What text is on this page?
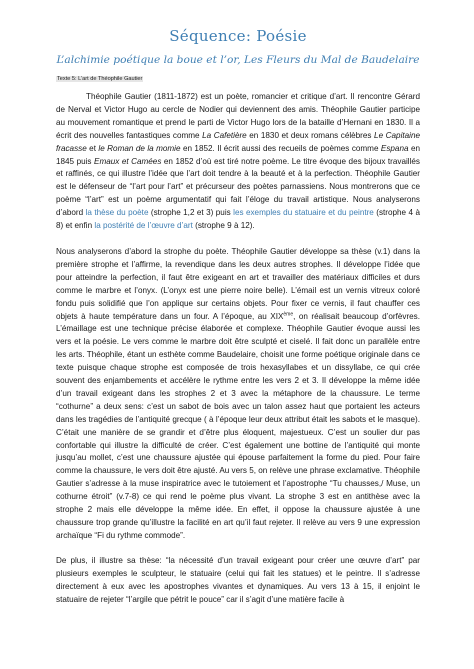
Séquence: Poésie
L’alchimie poétique la boue et l’or, Les Fleurs du Mal de Baudelaire
Texte 5: L’art de Théophile Gautier

Théophile Gautier (1811-1872) est un poète, romancier et critique d’art. Il rencontre Gérard de Nerval et Victor Hugo au cercle de Nodier qui deviennent des amis. Théophile Gautier participe au mouvement romantique et prend le parti de Victor Hugo lors de la bataille d’Hernani en 1830. Il a écrit des nouvelles fantastiques comme La Cafetière en 1830 et deux romans célèbres Le Capitaine fracasse et le Roman de la momie en 1852. Il écrit aussi des recueils de poèmes comme Espana en 1845 puis Emaux et Camées en 1852 d’où est tiré notre poème. Le titre évoque des bijoux travaillés et raffinés, ce qui illustre l’idée que l’art doit tendre à la beauté et à la perfection. Théophile Gautier est le défenseur de “l’art pour l’art” et précurseur des poètes parnassiens. Nous montrerons que ce poème “l’art” est un poème argumentatif qui fait l’éloge du travail artistique. Nous analyserons d’abord la thèse du poète (strophe 1,2 et 3) puis les exemples du statuaire et du peintre (strophe 4 à 8) et enfin la postérité de l’œuvre d’art (strophe 9 à 12).

Nous analyserons d’abord la strophe du poète. Théophile Gautier développe sa thèse (v.1) dans la première strophe et l’affirme, la revendique dans les deux autres strophes. Il développe l’idée que pour atteindre la perfection, il faut être exigeant en art et travailler des matériaux difficiles et durs comme le marbre et l’onyx. (L’onyx est une pierre noire belle). L’émail est un vernis vitreux coloré fondu puis solidifié que l’on applique sur certains objets. Pour fixer ce vernis, il faut chauffer ces objets à haute température dans un four. A l’époque, au XIXème, on réalisait beaucoup d’orfèvres. L’émaillage est une technique précise élaborée et complexe. Théophile Gautier évoque aussi les vers et la poésie. Le vers comme le marbre doit être sculpté et ciselé. Il fait donc un parallèle entre les arts. Théophile, étant un esthète comme Baudelaire, choisit une forme poétique originale dans ce texte puisque chaque strophe est composée de trois hexasyllabes et un dissyllabe, ce qui crée souvent des enjambements et accélère le rythme entre les vers 2 et 3. Il développe la même idée d’un travail exigeant dans les strophes 2 et 3 avec la métaphore de la chaussure. Le terme “cothurne” a deux sens: c’est un sabot de bois avec un talon assez haut que portaient les acteurs dans les tragédies de l’antiquité grecque ( à l’époque leur deux attribut était les sabots et le masque). C’était une manière de se grandir et d’être plus éloquent, majestueux. C’est un soulier dur pas confortable qui illustre la difficulté de créer. C’est également une bottine de l’antiquité qui monte jusqu’au mollet, c’est une chaussure ajustée qui épouse parfaitement la forme du pied. Pour faire comme la chaussure, le vers doit être ajusté. Au vers 5, on relève une phrase exclamative. Théophile Gautier s’adresse à la muse inspiratrice avec le tutoiement et l’apostrophe “Tu chausses,/ Muse, un cothurne étroit” (v.7-8) ce qui rend le poème plus vivant. La strophe 3 est en antithèse avec la strophe 2 mais elle développe la même idée. En effet, il oppose la chaussure ajustée à une chaussure trop grande qu’illustre la facilité en art qu’il faut rejeter. Il relève au vers 9 une expression archaïque “Fi du rythme commode”.

De plus, il illustre sa thèse: “la nécessité d’un travail exigeant pour créer une œuvre d’art” par plusieurs exemples le sculpteur, le statuaire (celui qui fait les statues) et le peintre. Il s’adresse directement à eux avec les apostrophes vivantes et dynamiques. Au vers 13 à 15, il enjoint le statuaire de rejeter “l’argile que pétrit le pouce” car il s’agit d’une matière facile à
